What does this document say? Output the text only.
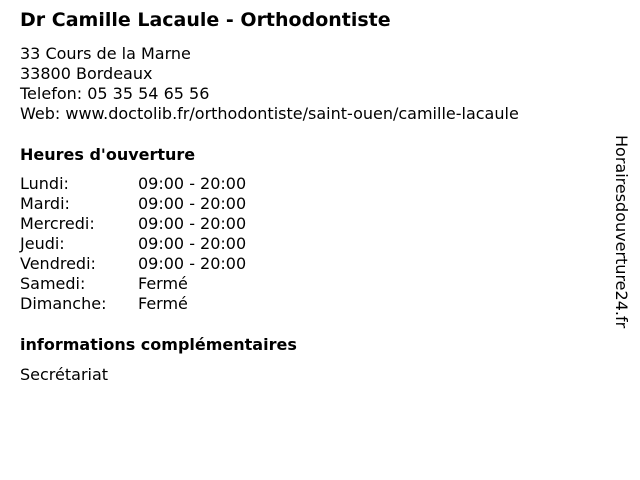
Dr Camille Lacaule - Orthodontiste
33 Cours de la Marne
33800 Bordeaux
Telefon: 05 35 54 65 56
Web: www.doctolib.fr/orthodontiste/saint-ouen/camille-lacaule
Heures d'ouverture
Lundi:	09:00 - 20:00
Mardi:	09:00 - 20:00
Mercredi:	09:00 - 20:00
Jeudi:	09:00 - 20:00
Vendredi:	09:00 - 20:00
Samedi:	Fermé
Dimanche:	Fermé
informations complémentaires
Secrétariat
Horairesdouverture24.fr
